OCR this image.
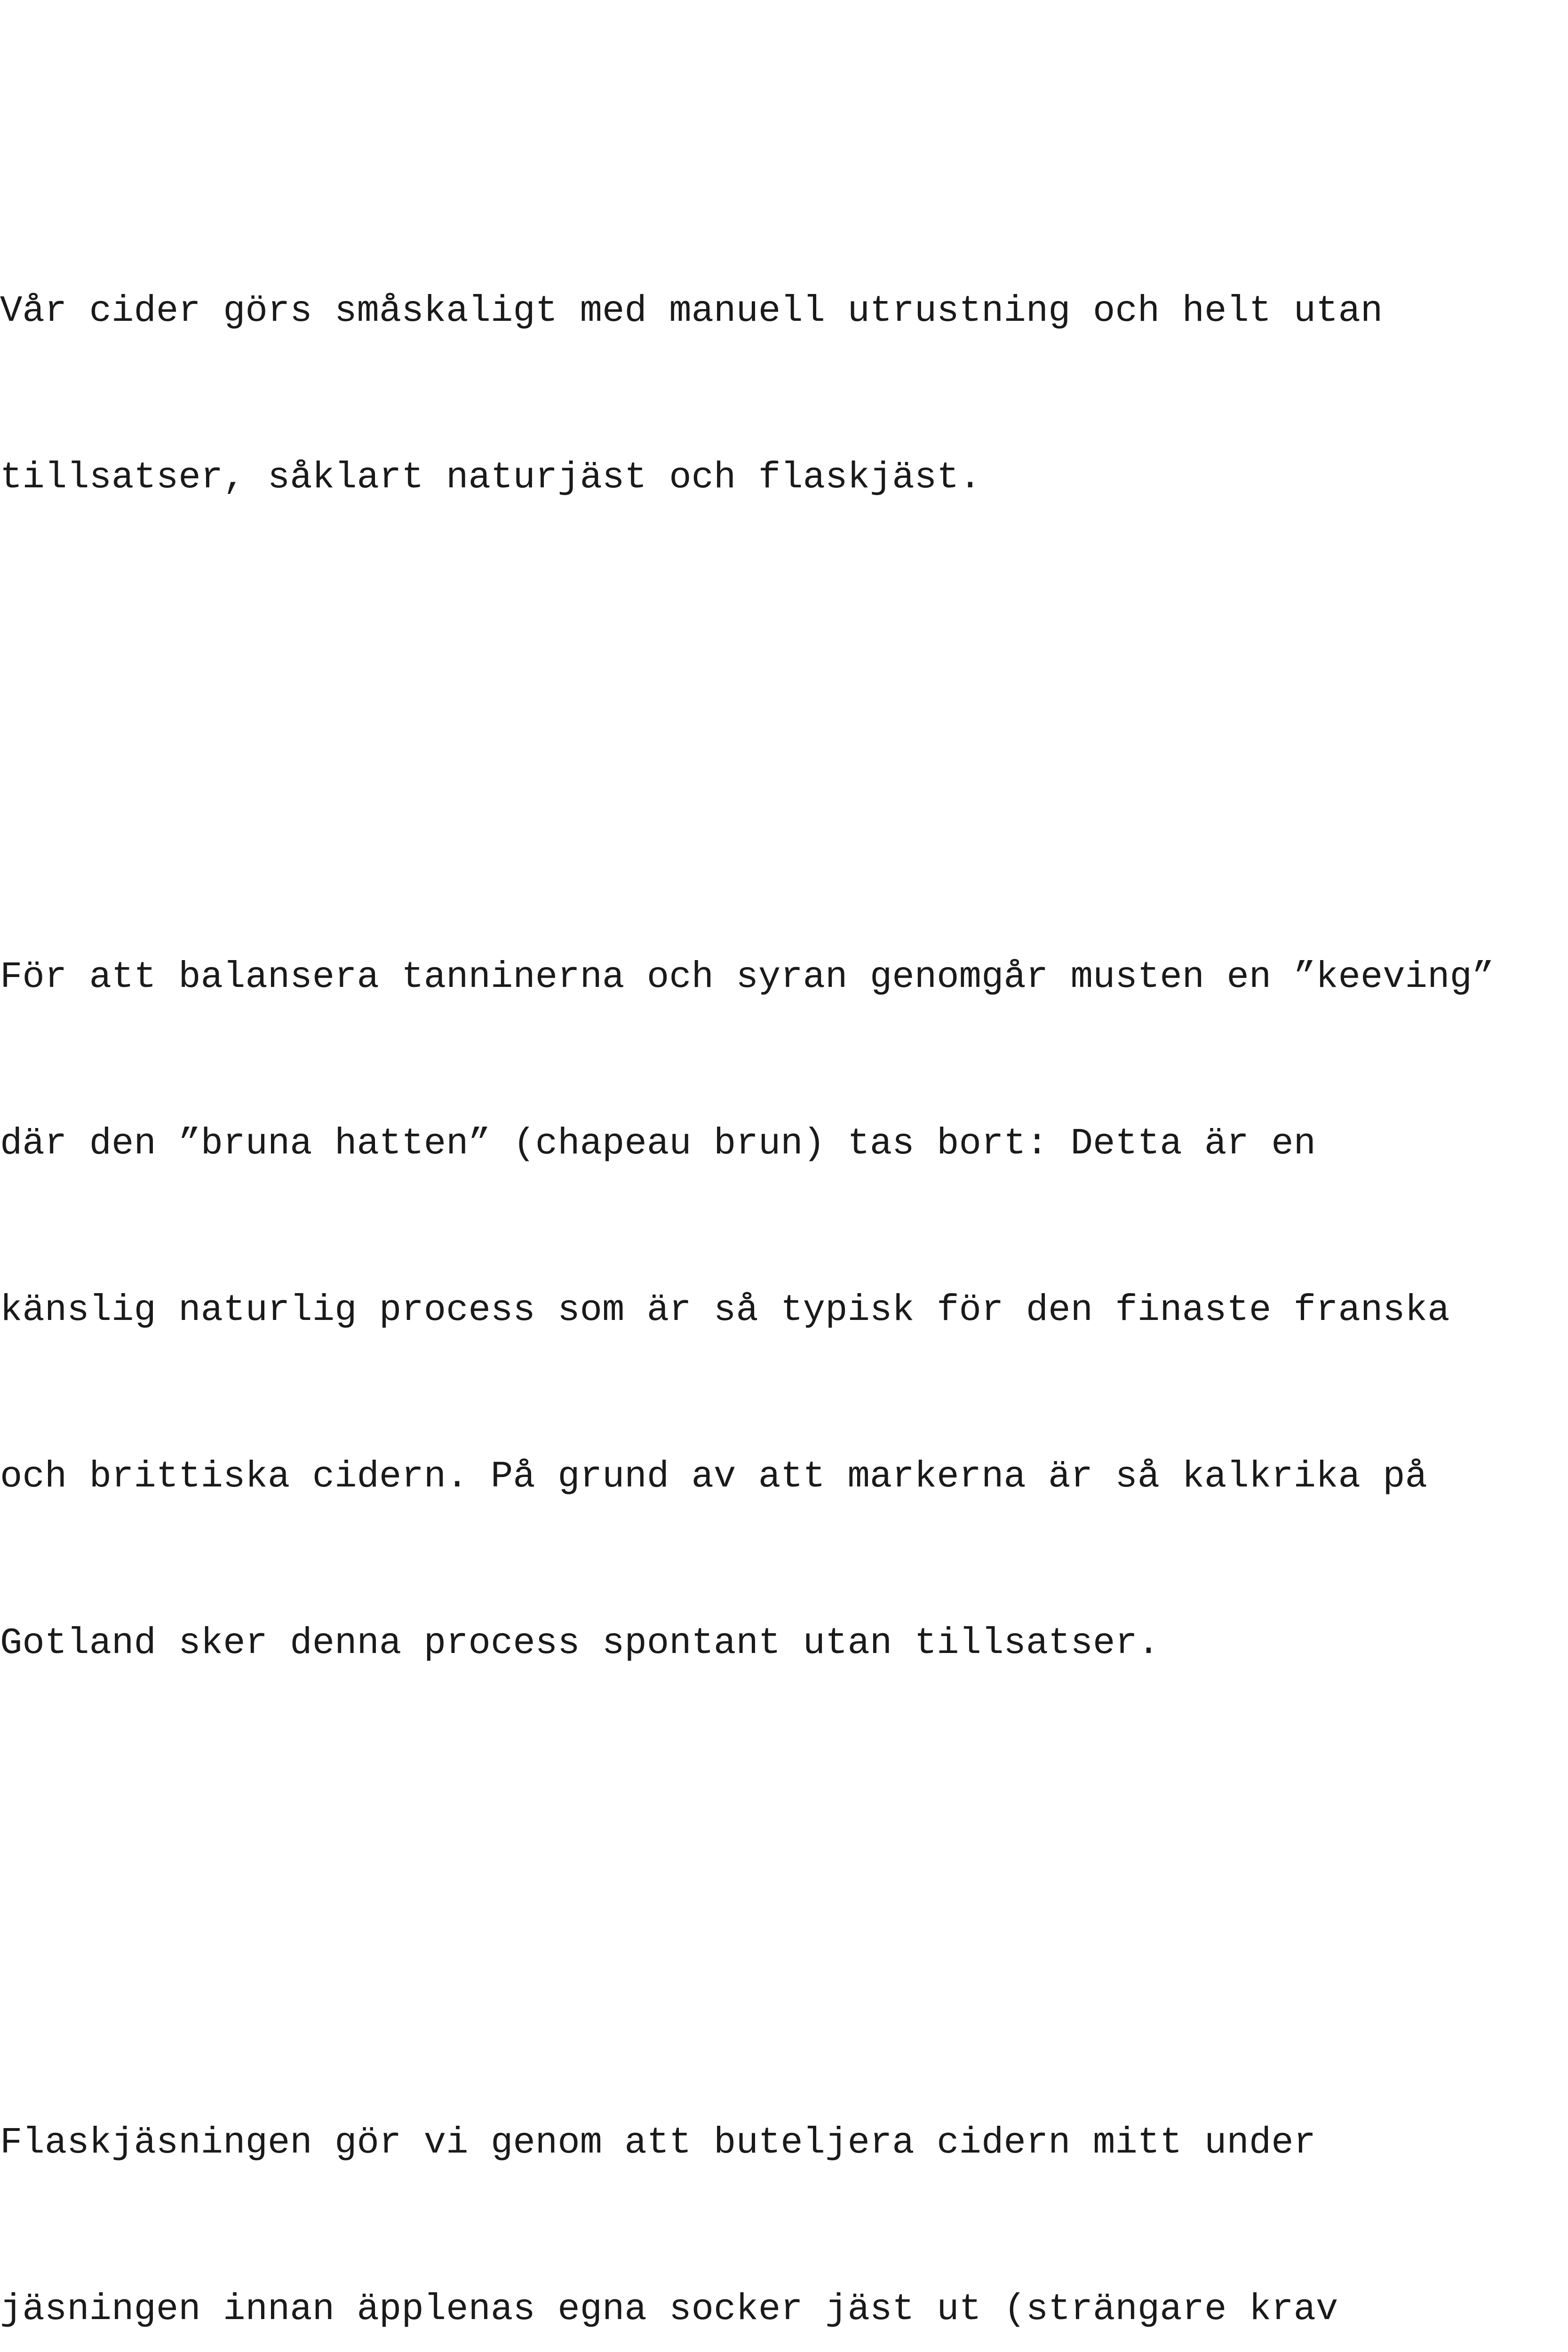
Vår cider görs småskaligt med manuell utrustning och helt utan

tillsatser, såklart naturjäst och flaskjäst.

För att balansera tanninerna och syran genomgår musten en ”keeving”

där den ”bruna hatten” (chapeau brun) tas bort: Detta är en

känslig naturlig process som är så typisk för den finaste franska

och brittiska cidern. På grund av att markerna är så kalkrika på

Gotland sker denna process spontant utan tillsatser.

Flaskjäsningen gör vi genom att buteljera cidern mitt under

jäsningen innan äpplenas egna socker jäst ut (strängare krav
